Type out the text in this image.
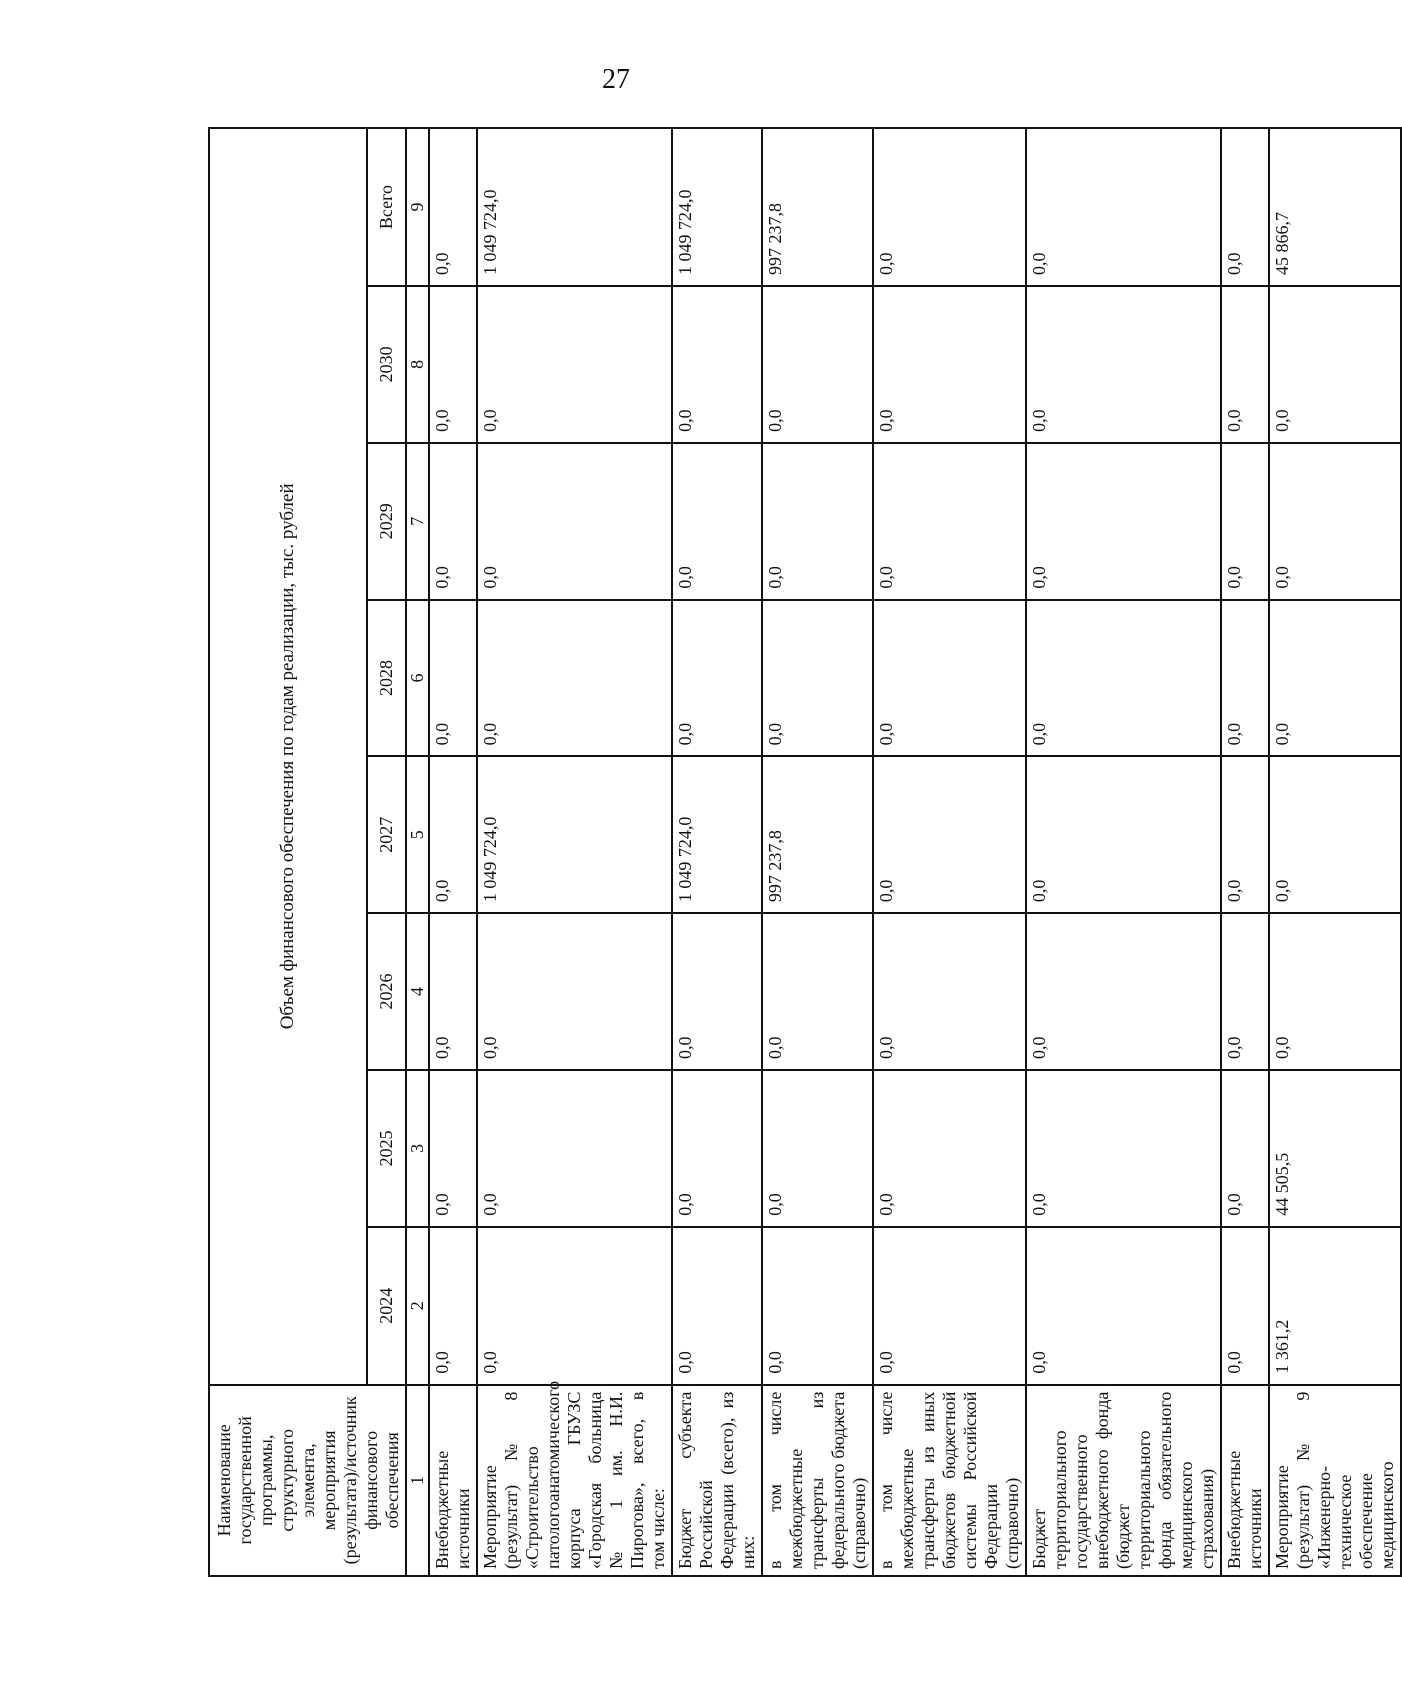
27
Наименование государственной программы, структурного элемента, мероприятия (результата)/источник финансового обеспечения	Объем финансового обеспечения по годам реализации, тыс. рублей							
	2024	2025	2026	2027	2028	2029	2030	Всего
1	2	3	4	5	6	7	8	9
Внебюджетные источники	0,0	0,0	0,0	0,0	0,0	0,0	0,0	0,0
Мероприятие (результат) № 8 «Строительство патологоанатомического корпуса ГБУЗС «Городская больница № 1 им. Н.И. Пирогова», всего, в том числе:	0,0	0,0	0,0	1 049 724,0	0,0	0,0	0,0	1 049 724,0
Бюджет субъекта Российской Федерации (всего), из них:	0,0	0,0	0,0	1 049 724,0	0,0	0,0	0,0	1 049 724,0
в том числе межбюджетные трансферты из федерального бюджета (справочно)	0,0	0,0	0,0	997 237,8	0,0	0,0	0,0	997 237,8
в том числе межбюджетные трансферты из иных бюджетов бюджетной системы Российской Федерации (справочно)	0,0	0,0	0,0	0,0	0,0	0,0	0,0	0,0
Бюджет территориального государственного внебюджетного фонда (бюджет территориального фонда обязательного медицинского страхования)	0,0	0,0	0,0	0,0	0,0	0,0	0,0	0,0
Внебюджетные источники	0,0	0,0	0,0	0,0	0,0	0,0	0,0	0,0
Мероприятие (результат) № 9 «Инженерно-техническое обеспечение медицинского	1 361,2	44 505,5	0,0	0,0	0,0	0,0	0,0	45 866,7
